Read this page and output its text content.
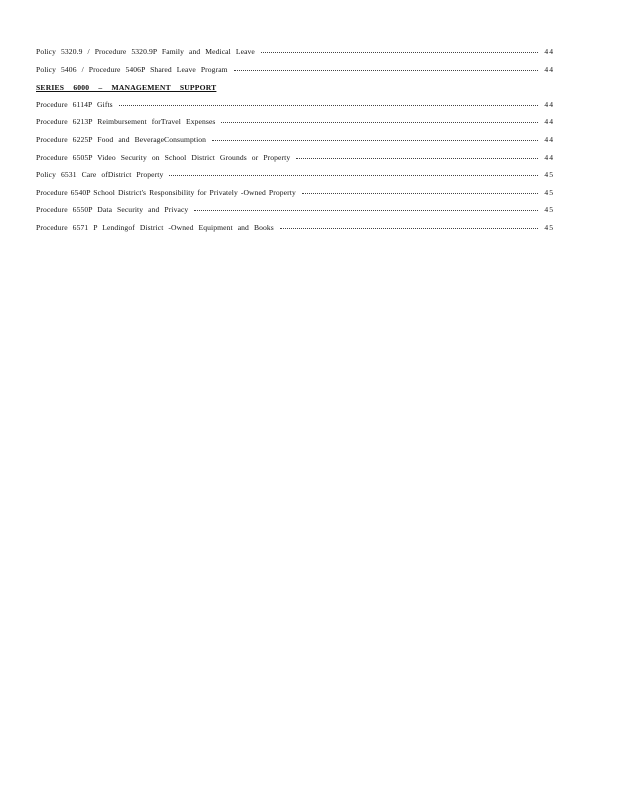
Policy 5320.9 / Procedure 5320.9P Family and Medical Leave	44
Policy 5406 / Procedure 5406P Shared Leave Program	44
SERIES 6000 – MANAGEMENT SUPPORT
Procedure 6114P Gifts	44
Procedure 6213P Reimbursement forTravel Expenses	44
Procedure 6225P Food and BeverageConsumption	44
Procedure 6505P Video Security on School District Grounds or Property	44
Policy 6531 Care ofDistrict Property	45
Procedure 6540P School District's Responsibility for Privately -Owned Property	45
Procedure 6550P Data Security and Privacy	45
Procedure 6571 P Lendingof District -Owned Equipment and Books	45
